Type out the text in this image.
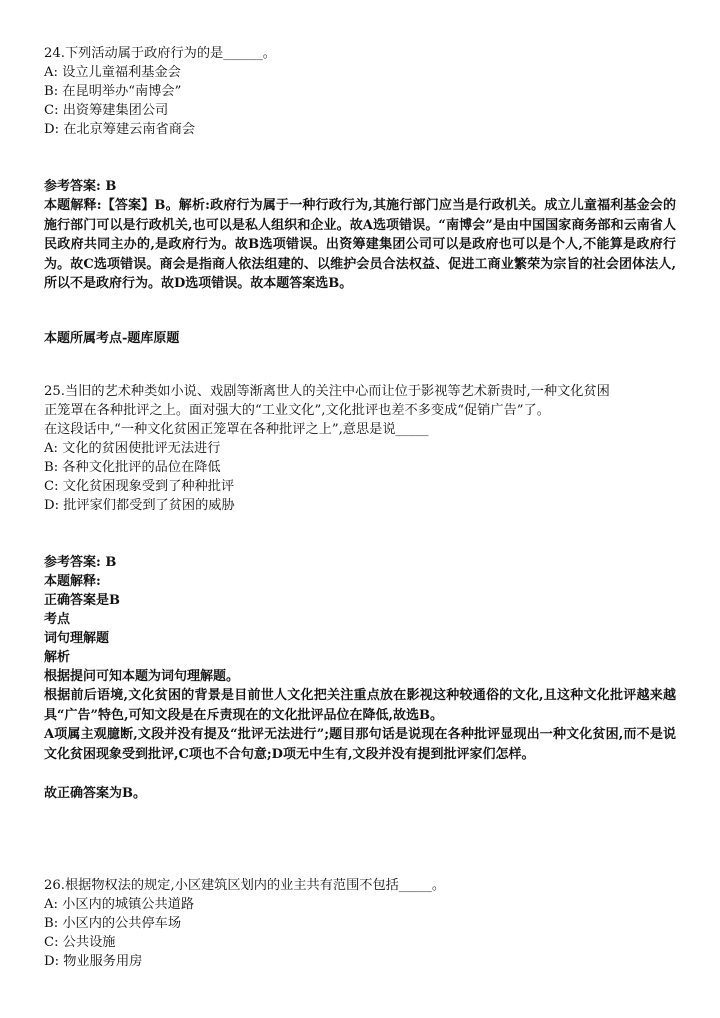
24.下列活动属于政府行为的是______。
A: 设立儿童福利基金会
B: 在昆明举办“南博会”
C: 出资筹建集团公司
D: 在北京筹建云南省商会
参考答案: B
本题解释:【答案】B。解析:政府行为属于一种行政行为,其施行部门应当是行政机关。成立儿童福利基金会的施行部门可以是行政机关,也可以是私人组织和企业。故A选项错误。“南博会”是由中国国家商务部和云南省人民政府共同主办的,是政府行为。故B选项错误。出资筹建集团公司可以是政府也可以是个人,不能算是政府行为。故C选项错误。商会是指商人依法组建的、以维护会员合法权益、促进工商业繁荣为宗旨的社会团体法人,所以不是政府行为。故D选项错误。故本题答案选B。
本题所属考点-题库原题
25.当旧的艺术种类如小说、戏剧等渐离世人的关注中心而让位于影视等艺术新贵时,一种文化贫困
正笼罩在各种批评之上。面对强大的“工业文化”,文化批评也差不多变成“促销广告”了。
在这段话中,“一种文化贫困正笼罩在各种批评之上”,意思是说_____
A: 文化的贫困使批评无法进行
B: 各种文化批评的品位在降低
C: 文化贫困现象受到了种种批评
D: 批评家们都受到了贫困的威胁
参考答案: B
本题解释:
正确答案是B
考点
词句理解题
解析
根据提问可知本题为词句理解题。
根据前后语境,文化贫困的背景是目前世人文化把关注重点放在影视这种较通俗的文化,且这种文化批评越来越具“广告”特色,可知文段是在斥责现在的文化批评品位在降低,故选B。
A项属主观臆断,文段并没有提及“批评无法进行”;题目那句话是说现在各种批评显现出一种文化贫困,而不是说文化贫困现象受到批评,C项也不合句意;D项无中生有,文段并没有提到批评家们怎样。
故正确答案为B。
26.根据物权法的规定,小区建筑区划内的业主共有范围不包括_____。
A: 小区内的城镇公共道路
B: 小区内的公共停车场
C: 公共设施
D: 物业服务用房
